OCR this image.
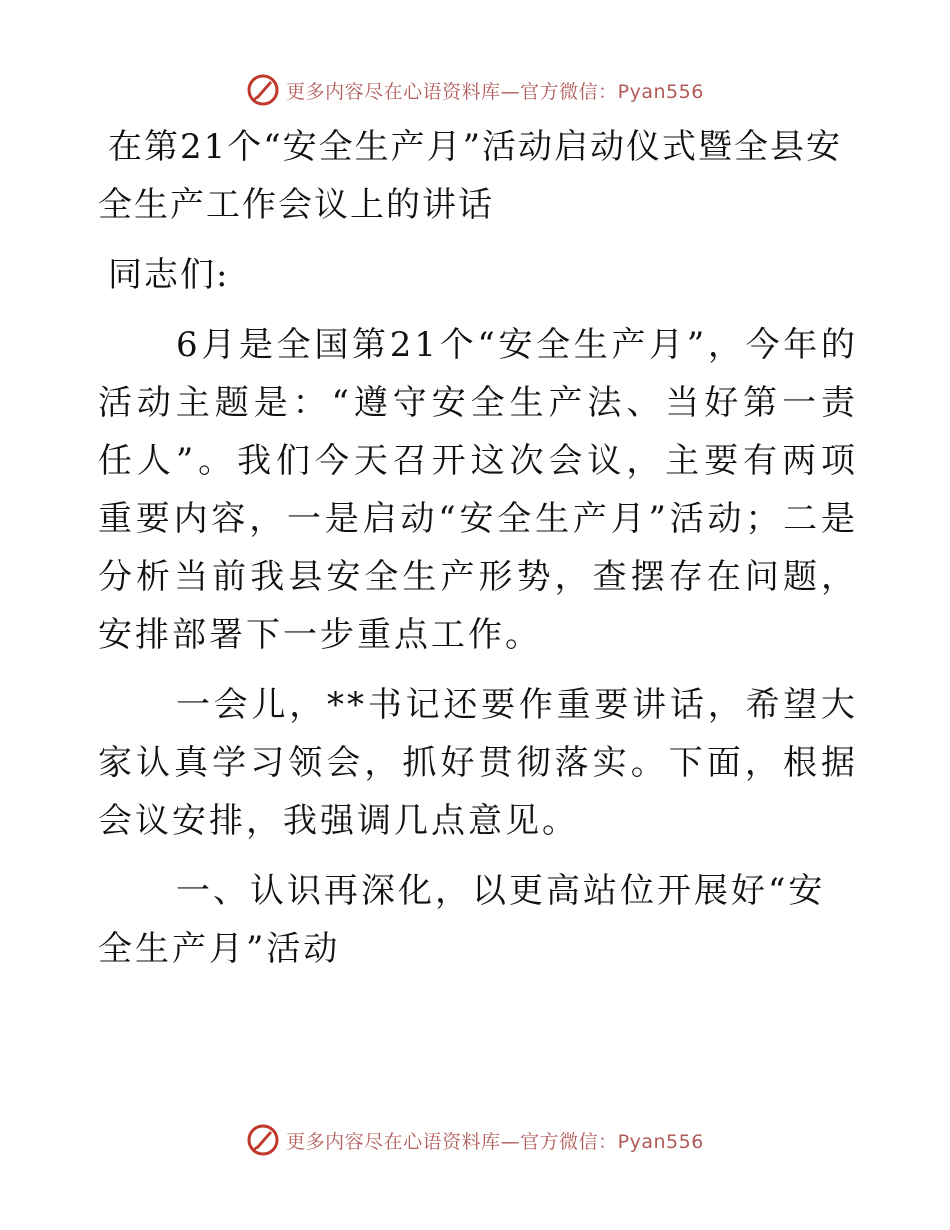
更多内容尽在心语资料库—官方微信：Pyan556
在第21个“安全生产月”活动启动仪式暨全县安全生产工作会议上的讲话

同志们:

6月是全国第21个“安全生产月”，今年的活动主题是：“遵守安全生产法、当好第一责任人”。我们今天召开这次会议，主要有两项重要内容，一是启动“安全生产月”活动；二是分析当前我县安全生产形势，查摆存在问题，安排部署下一步重点工作。

一会儿，**书记还要作重要讲话，希望大家认真学习领会，抓好贯彻落实。下面，根据会议安排，我强调几点意见。

一、认识再深化，以更高站位开展好“安全生产月”活动

更多内容尽在心语资料库—官方微信：Pyan556
